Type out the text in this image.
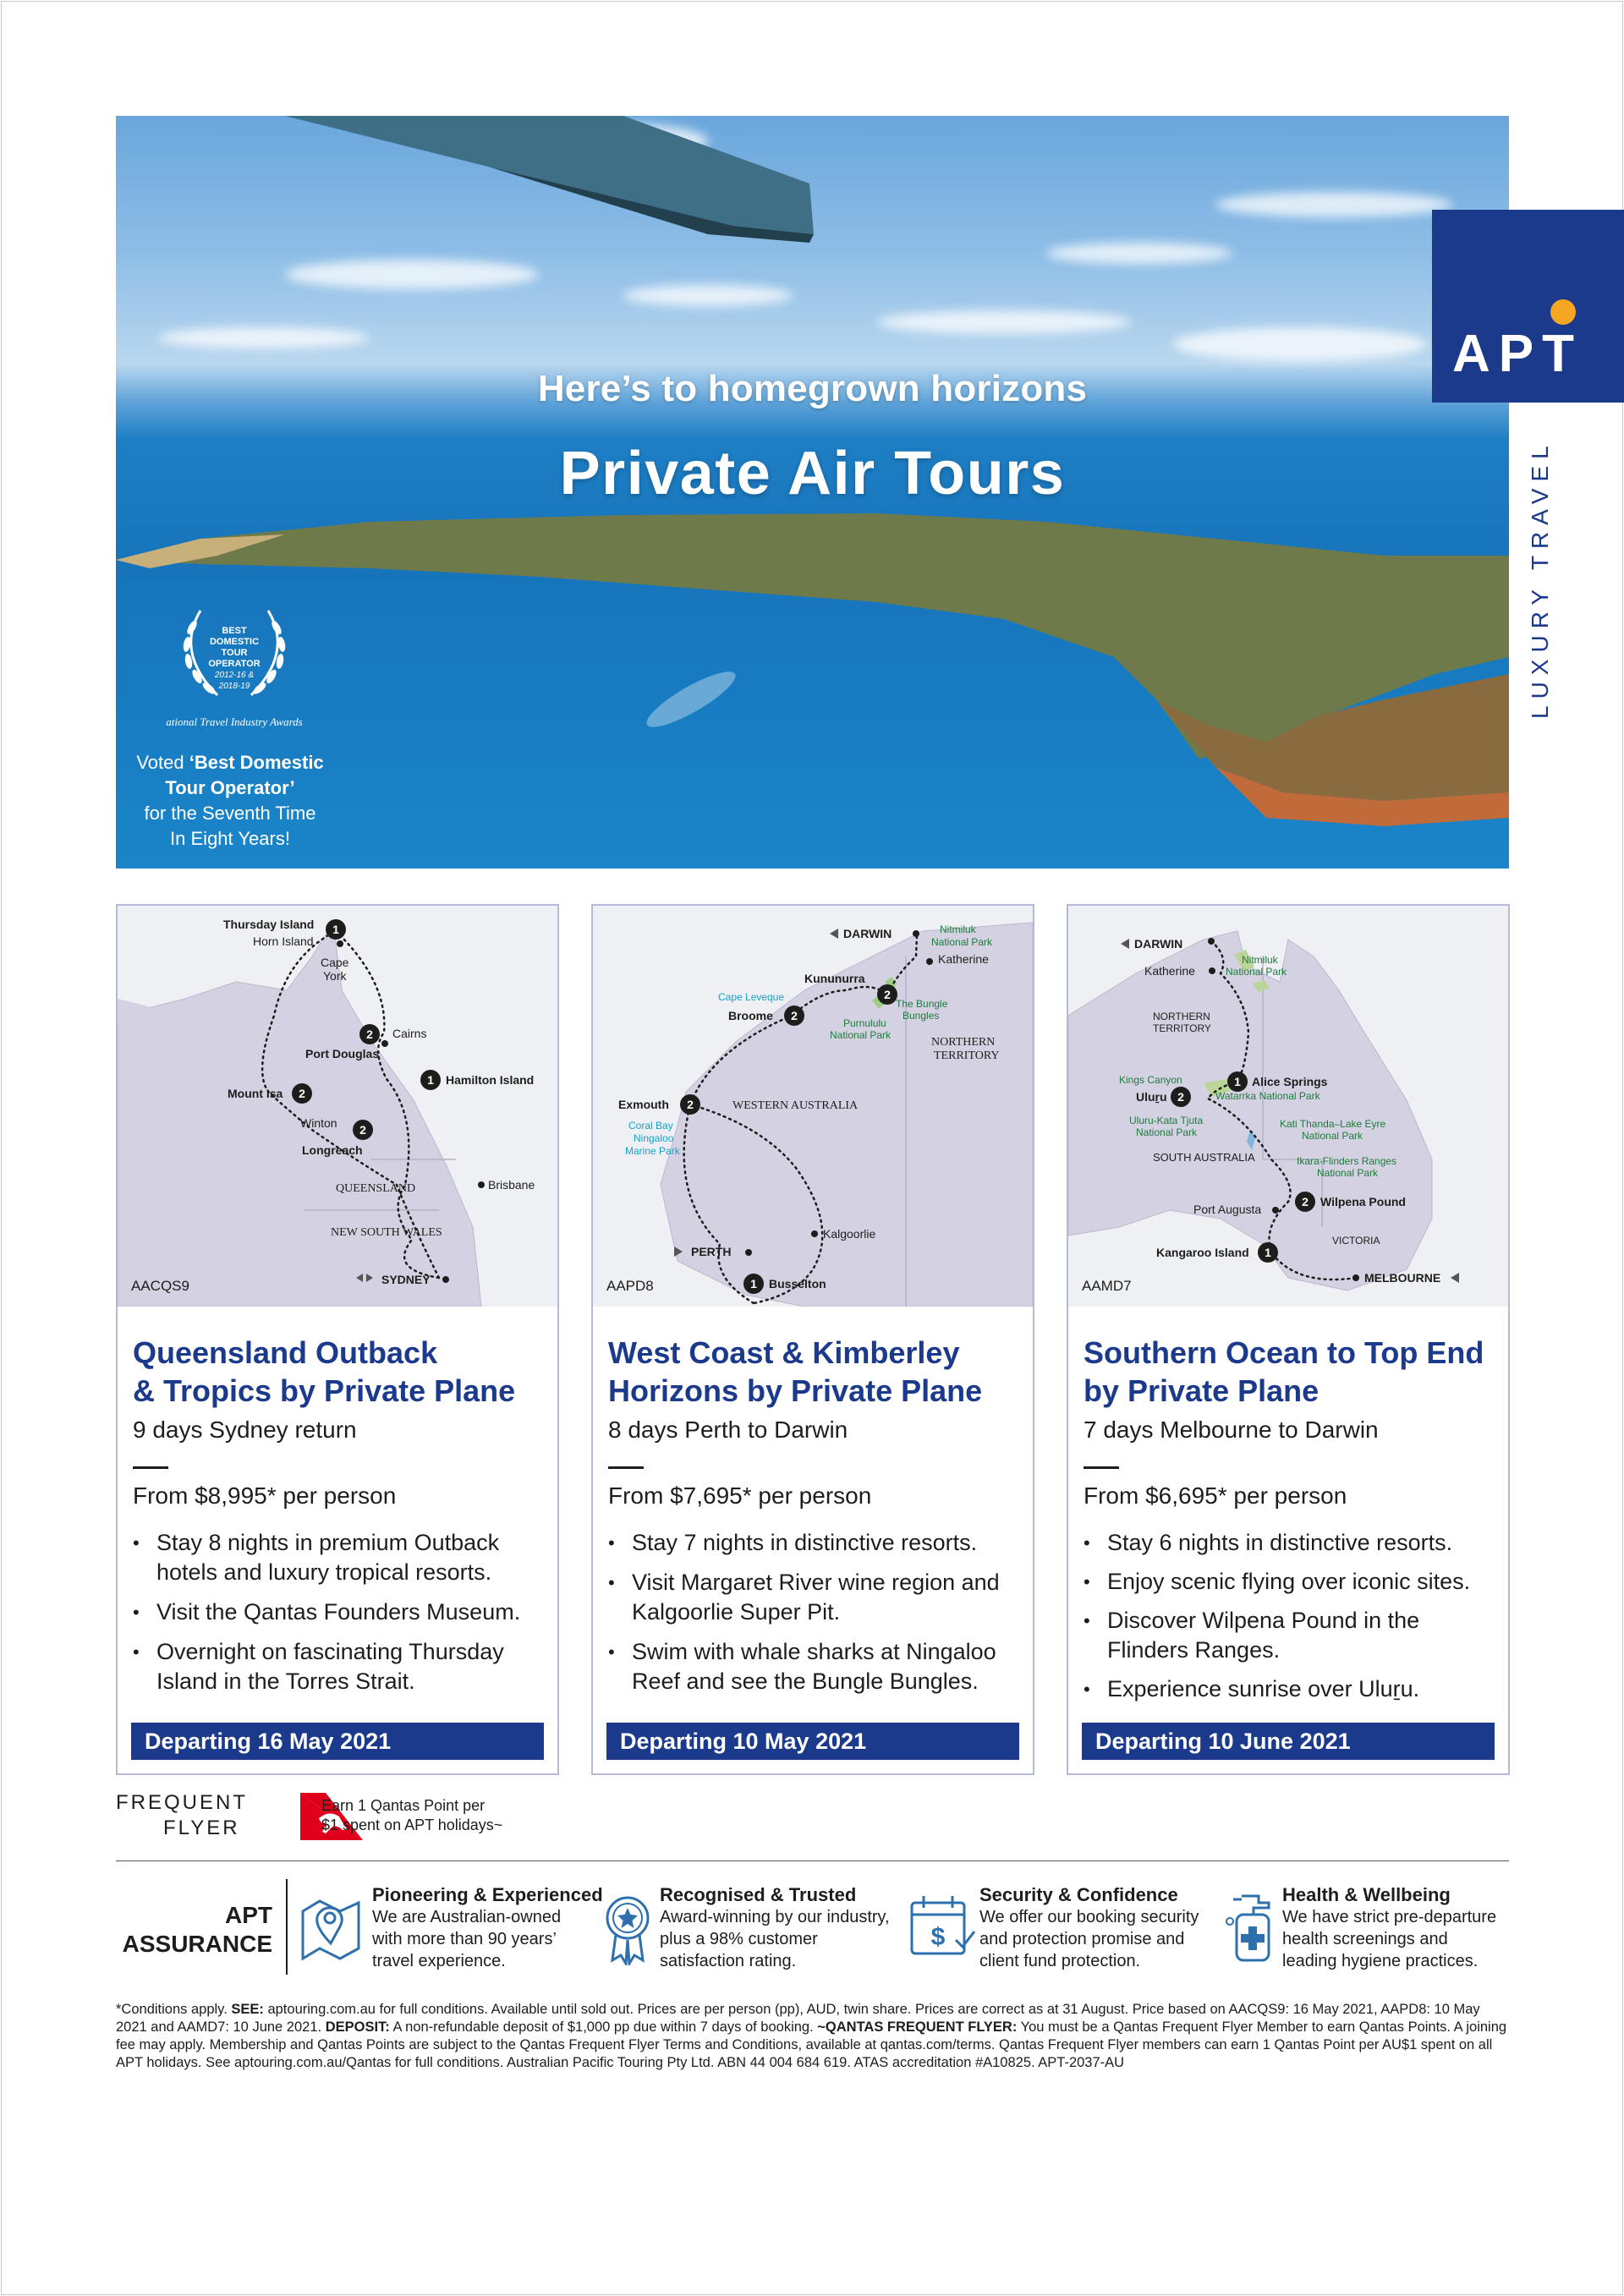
Here’s to homegrown horizons
Private Air Tours
BEST
DOMESTIC
TOUR
OPERATOR
2012-16 &
2018-19
ational Travel Industry Awards
Voted ‘Best Domestic
Tour Operator’
for the Seventh Time
In Eight Years!
APT
LUXURY TRAVEL
1
2
1
2
2
Thursday Island
Horn Island
Cape
York
Cairns
Port Douglas
Hamilton Island
Mount Isa
Winton
Longreach
QUEENSLAND	Brisbane
NEW SOUTH WALES
SYDNEY
AACQS9
Queensland Outback
& Tropics by Private Plane
9 days Sydney return
From $8,995* per person
• Stay 8 nights in premium Outback hotels and luxury tropical resorts.
• Visit the Qantas Founders Museum.
• Overnight on fascinating Thursday Island in the Torres Strait.
Departing 16 May 2021
2
2
2
1
DARWIN	Nitmiluk
National Park
Katherine
Kununurra
Cape Leveque
Broome
The Bungle
Bungles
Purnululu
National Park
NORTHERN
TERRITORY
Exmouth	WESTERN AUSTRALIA
Coral Bay
Ningaloo
Marine Park
Kalgoorlie
PERTH
Busselton
AAPD8
West Coast & Kimberley
Horizons by Private Plane
8 days Perth to Darwin
From $7,695* per person
• Stay 7 nights in distinctive resorts.
• Visit Margaret River wine region and Kalgoorlie Super Pit.
• Swim with whale sharks at Ningaloo Reef and see the Bungle Bungles.
Departing 10 May 2021
1
2
2
1
DARWIN
Katherine
Nitmiluk
National Park
NORTHERN
TERRITORY
Kings Canyon	Alice Springs
Uluṟu	Watarrka National Park
Uluru-Kata Tjuta
National Park
Kati Thanda–Lake Eyre
National Park
SOUTH AUSTRALIA	Ikara-Flinders Ranges
National Park
Port Augusta
Wilpena Pound
VICTORIA
Kangaroo Island
MELBOURNE
AAMD7
Southern Ocean to Top End
by Private Plane
7 days Melbourne to Darwin
From $6,695* per person
• Stay 6 nights in distinctive resorts.
• Enjoy scenic flying over iconic sites.
• Discover Wilpena Pound in the Flinders Ranges.
• Experience sunrise over Uluṟu.
Departing 10 June 2021
FREQUENT
FLYER
Earn 1 Qantas Point per
$1 spent on APT holidays~
APT
ASSURANCE
Pioneering & Experienced
We are Australian-owned
with more than 90 years’
travel experience.
Recognised & Trusted
Award-winning by our industry,
plus a 98% customer
satisfaction rating.
$
Security & Confidence
We offer our booking security
and protection promise and
client fund protection.
Health & Wellbeing
We have strict pre-departure
health screenings and
leading hygiene practices.
*Conditions apply. SEE: aptouring.com.au for full conditions. Available until sold out. Prices are per person (pp), AUD, twin share. Prices are correct as at 31 August. Price based on AACQS9: 16 May 2021, AAPD8: 10 May 2021 and AAMD7: 10 June 2021. DEPOSIT: A non-refundable deposit of $1,000 pp due within 7 days of booking. ~QANTAS FREQUENT FLYER: You must be a Qantas Frequent Flyer Member to earn Qantas Points. A joining fee may apply. Membership and Qantas Points are subject to the Qantas Frequent Flyer Terms and Conditions, available at qantas.com/terms. Qantas Frequent Flyer members can earn 1 Qantas Point per AU$1 spent on all APT holidays. See aptouring.com.au/Qantas for full conditions. Australian Pacific Touring Pty Ltd. ABN 44 004 684 619. ATAS accreditation #A10825. APT-2037-AU
